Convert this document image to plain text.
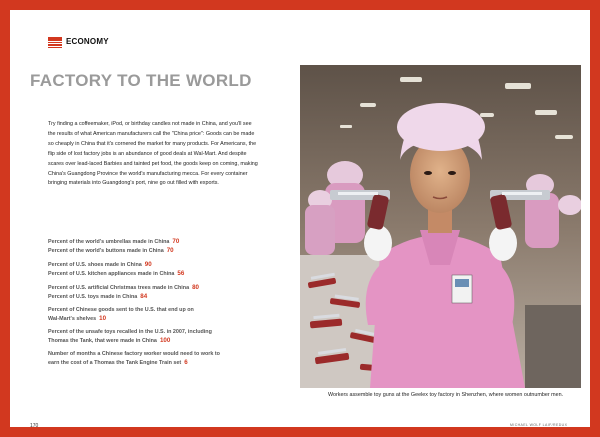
ECONOMY
FACTORY TO THE WORLD
Try finding a coffeemaker, iPod, or birthday candles not made in China, and you'll see the results of what American manufacturers call the "China price": Goods can be made so cheaply in China that it's cornered the market for many products. For Americans, the flip side of lost factory jobs is an abundance of good deals at Wal-Mart. And despite scares over lead-laced Barbies and tainted pet food, the goods keep on coming, making China's Guangdong Province the world's manufacturing mecca. For every container bringing materials into Guangdong's port, nine go out filled with exports.
Percent of the world's umbrellas made in China 70
Percent of the world's buttons made in China 70
Percent of U.S. shoes made in China 90
Percent of U.S. kitchen appliances made in China 56
Percent of U.S. artificial Christmas trees made in China 80
Percent of U.S. toys made in China 84
Percent of Chinese goods sent to the U.S. that end up on
Wal-Mart's shelves 10
Percent of the unsafe toys recalled in the U.S. in 2007, including
Thomas the Tank, that were made in China 100
Number of months a Chinese factory worker would need to work to
earn the cost of a Thomas the Tank Engine Train set 6
Workers assemble toy guns at the Geelex toy factory in Shenzhen, where women outnumber men.
170	MICHAEL WOLF LAIF/REDUX
